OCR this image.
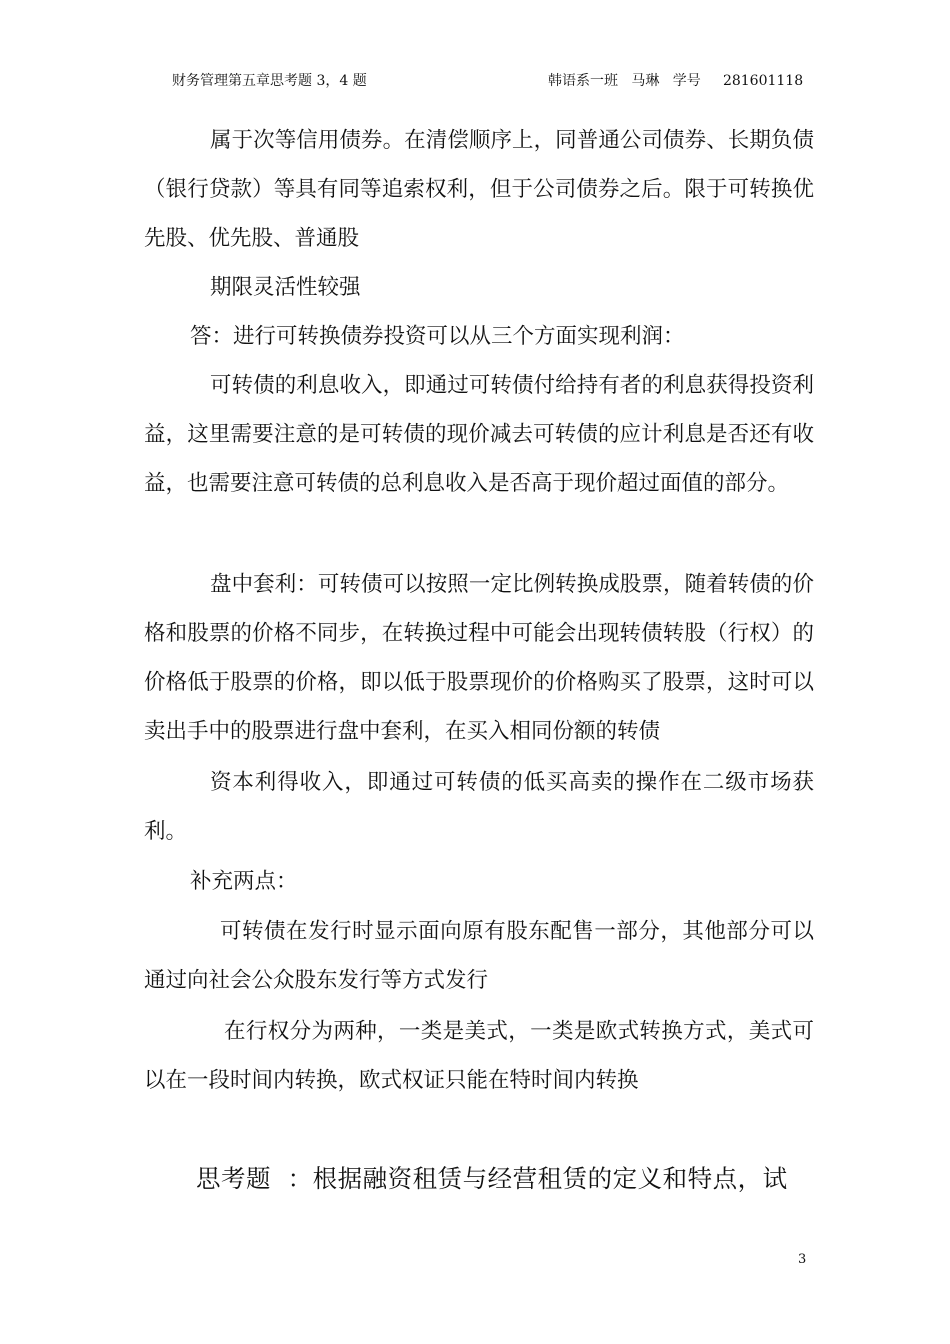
财务管理第五章思考题 3，4 题	韩语系一班   马琳   学号     281601118

属于次等信用债券。在清偿顺序上，同普通公司债券、长期负债（银行贷款）等具有同等追索权利，但于公司债券之后。限于可转换优先股、优先股、普通股

期限灵活性较强

答：进行可转换债券投资可以从三个方面实现利润：

可转债的利息收入，即通过可转债付给持有者的利息获得投资利益，这里需要注意的是可转债的现价减去可转债的应计利息是否还有收益，也需要注意可转债的总利息收入是否高于现价超过面值的部分。

盘中套利：可转债可以按照一定比例转换成股票，随着转债的价格和股票的价格不同步，在转换过程中可能会出现转债转股（行权）的价格低于股票的价格，即以低于股票现价的价格购买了股票，这时可以卖出手中的股票进行盘中套利，在买入相同份额的转债

资本利得收入，即通过可转债的低买高卖的操作在二级市场获利。

补充两点：

可转债在发行时显示面向原有股东配售一部分，其他部分可以通过向社会公众股东发行等方式发行

在行权分为两种，一类是美式，一类是欧式转换方式，美式可以在一段时间内转换，欧式权证只能在特时间内转换

思考题  ：根据融资租赁与经营租赁的定义和特点，试
3
